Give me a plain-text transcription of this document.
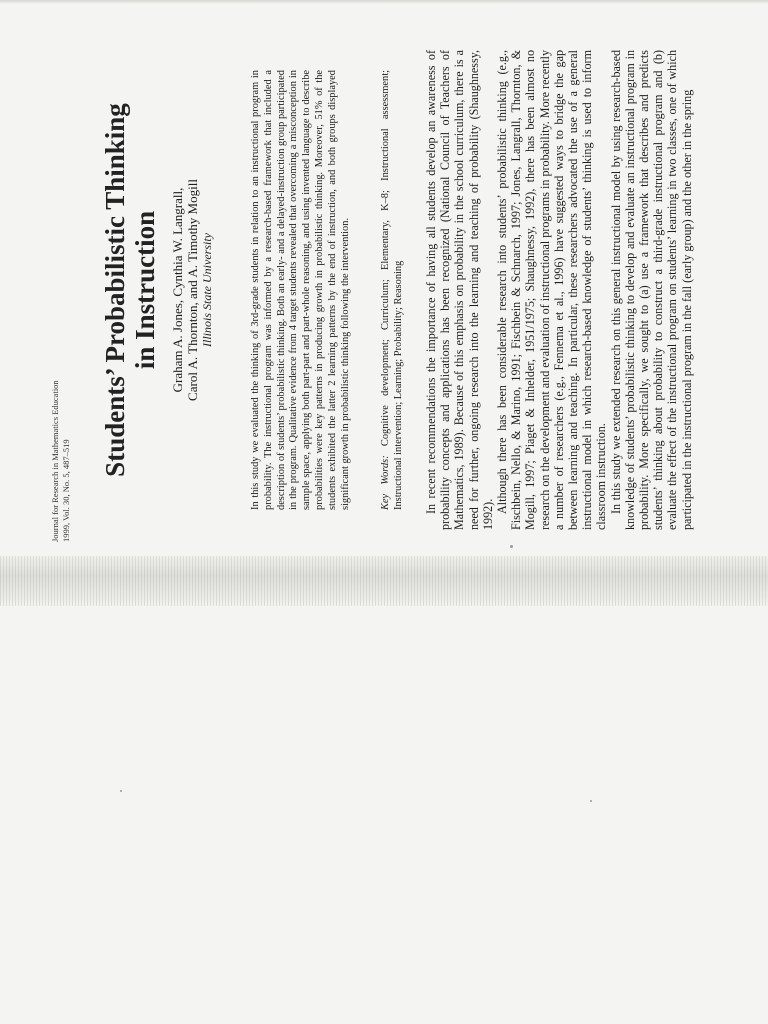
Journal for Research in Mathematics Education 1999, Vol. 30, No. 5, 487–519
Students’ Probabilistic Thinking in Instruction Graham A. Jones, Cynthia W. Langrall, Carol A. Thornton, and A. Timothy Mogill Illinois State University	In this study we evaluated the thinking of 3rd-grade students in relation to an instructional program in probability. The instructional program was informed by a research-based framework that included a description of students’ probabilistic thinking. Both an early- and a delayed-instruction group participated in the program. Qualitative evidence from 4 target students revealed that overcoming a misconception in sample space, applying both part-part and part-whole reasoning, and using invented language to describe probabilities were key patterns in producing growth in probabilistic thinking. Moreover, 51% of the students exhibited the latter 2 learning patterns by the end of instruction, and both groups displayed significant growth in probabilistic thinking following the intervention.	Key Words: Cognitive development; Curriculum; Elementary, K–8; Instructional assessment; Instructional intervention; Learning; Probability; Reasoning In recent recommendations the importance of having all students develop an awareness of probability concepts and applications has been recognized (National Council of Teachers of Mathematics, 1989). Because of this emphasis on probability in the school curriculum, there is a need for further, ongoing research into the learning and teaching of probability (Shaughnessy, 1992).

Although there has been considerable research into students’ probabilistic thinking (e.g., Fischbein, Nello, & Marino, 1991; Fischbein & Schnarch, 1997; Jones, Langrall, Thornton, & Mogill, 1997; Piaget & Inhelder, 1951/1975; Shaughnessy, 1992), there has been almost no research on the development and evaluation of instructional programs in probability. More recently a number of researchers (e.g., Fennema et al., 1996) have suggested ways to bridge the gap between learning and teaching. In particular, these researchers advocated the use of a general instructional model in which research-based knowledge of students’ thinking is used to inform classroom instruction. In this study we extended research on this general instructional model by using research-based knowledge of students’ probabilistic thinking to develop and evaluate an instructional program in probability. More specifically, we sought to (a) use a framework that describes and predicts students’ thinking about probability to construct a third-grade instructional program and (b) evaluate the effect of the instructional program on students’ learning in two classes, one of which participated in the instructional program in the fall (early group) and the other in the spring
